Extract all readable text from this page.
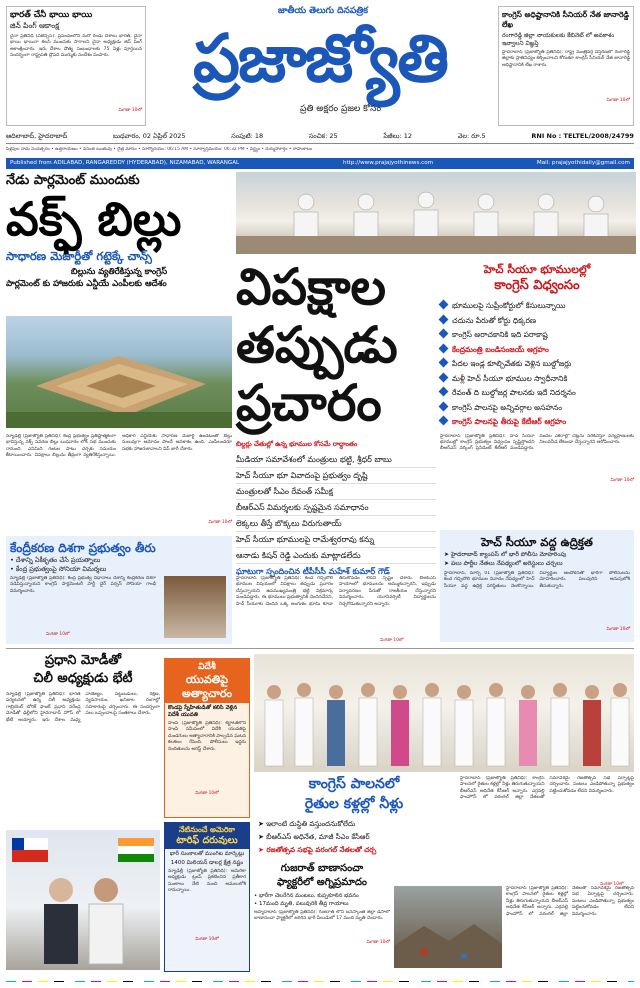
భారత్ చేనీ భాయి భాయి
జిన్ పింగ్ ఆకాంక్ష
చైనా ప్రతినిధి (ఏజెన్సీస్): ప్రపంచంలోని మరో రెండు దేశాలు భారత్, చైనా భాయి భాయిగా కలసి ముందుకు సాగాలని చైనా అధ్యక్షుడు జిన్ పింగ్ ఆకాంక్షించారు. ఇరు దేశాల దౌత్య సంబంధాలకు 75 ఏళ్లు పూర్తయిన సందర్భంగా రాష్ట్రపతి ద్రౌపది ముర్ముకు సందేశం పంపారు.
మిగతా 10లో
జాతీయ తెలుగు దినపత్రిక
ప్రజాజ్యోతి
ప్రతి అక్షరం ప్రజల కోసం
కాంగ్రెస్ అధిష్టానానికి సీనియర్ నేత జానారెడ్డి లేఖ
రంగారెడ్డి జిల్లా నాయకులకు కేబినెట్ లో అవకాశం ఇవ్వాలని విజ్ఞప్తి
హైదరాబాద్ (ప్రజాజ్యోతి ప్రతినిధి): రాష్ట్ర మంత్రివర్గ విస్తరణలో రంగారెడ్డి జిల్లాకు ప్రాతినిధ్యం కల్పించాలని కోరుతూ కాంగ్రెస్ సీనియర్ నేత జానారెడ్డి అధిష్టానానికి లేఖ రాశారు.
మిగతా 10లో
ఆదిలాబాద్, హైదరాబాద్	బుధవారం, 02 ఏప్రిల్ 2025	సంపుటి: 18	సంచిక: 25	పేజీలు: 12	వెల: రూ.5	RNI No : TELTEL/2008/24799
పెళ్లపుల నామ సంవత్సరం • ఉత్తరాయణం • వసంత ఋతువు • చైత్ర మాసం • సూర్యోదయం: 06:15 AM • సూర్యాస్తమయం: 06:32 PM • వర్జ్యం • దుర్ముహూర్తం • రాహుకాలం
Published from ADILABAD, RANGAREDDY (HYDERABAD), NIZAMABAD, WARANGAL	http://www.prajajyothinews.com	Mail: prajajyothidaily@gmail.com
నేడు పార్లమెంట్ ముందుకు
వక్ఫ్ బిల్లు
సాధారణ మెజార్టీతో గట్టెక్కే చాన్స్
బిల్లును వ్యతిరేకిస్తున్న కాంగ్రెస్
పార్లమెంట్ కు హాజరుకు ఎన్డీయే ఎంపీలకు ఆదేశం
న్యూఢిల్లీ (ప్రజాజ్యోతి ప్రతినిధి): కేంద్ర ప్రభుత్వం ప్రతిష్టాత్మకంగా భావిస్తున్న వక్ఫ్ సవరణ బిల్లు బుధవారం లోక్ సభ ముందుకు రానుంది. ఎనిమిది గంటల పాటు చర్చకు సమయం కేటాయించారు. విపక్షాలు బిల్లును తీవ్రంగా వ్యతిరేకిస్తున్నాయి. అధికార ఎన్డీయేకు సాధారణ మెజార్టీ ఉండటంతో బిల్లు సులువుగా ఆమోదం పొందే అవకాశం ఉంది. ఎంపీలందరూ సభకు హాజరుకావాలని విప్ జారీ చేశారు.
మిగతా 10లో
కేంద్రీకరణ దిశగా ప్రభుత్వం తీరు
• దేశాన్ని ఏకీకృతం చేసే ప్రయత్నాలు
• కేంద్ర ప్రభుత్వంపై సోనియా విమర్శలు
న్యూఢిల్లీ (ప్రజాజ్యోతి ప్రతినిధి): కేంద్ర ప్రభుత్వ విధానాలు దేశాన్ని కేంద్రీకరణ దిశగా నడిపిస్తున్నాయని కాంగ్రెస్ పార్లమెంటరీ పార్టీ చైర్ పర్సన్ సోనియా గాంధీ విమర్శించారు.
మిగతా 10లో
విపక్షాల
తప్పుడు
ప్రచారం
బిల్డర్లు చేతుల్లో ఉన్న భూముల కోసమే రాద్ధాంతం
మీడియా సమావేశంలో మంత్రులు భట్టి, శ్రీధర్ బాబు
హెచ్ సీయూ భూ వివాదంపై ప్రభుత్వం దృష్టి
మంత్రులతో సీఎం రేవంత్ సమీక్ష
బీఆర్ఎస్ విమర్శలకు స్పష్టమైన సమాధానం
లెక్కలు తీస్తే బొక్కలు విరుగుతాయ్
హెచ్ సీయూ భూములపై రామేశ్వరరావు కన్ను
ఆనాడు కిషన్ రెడ్డి ఎందుకు మాట్లాడలేదు
ఘాటుగా స్పందించిన టీపీసీసీ మహేశ్ కుమార్ గౌడ్
హైదరాబాద్ (ప్రజాజ్యోతి ప్రతినిధి): కంచ గచ్చిబౌలి భూముల విషయంలో విపక్షాలు తప్పుడు ప్రచారం చేస్తున్నాయని ఉపముఖ్యమంత్రి భట్టి విక్రమార్క మండిపడ్డారు. ఈ భూములు ప్రభుత్వానికి చెందినవేనని, హెచ్ సీయూకు చెందిన ఒక్క అంగుళం భూమి కూడా తీసుకోవడం లేదని స్పష్టం చేశారు. బీఆర్ఎస్ హయాంలో భూములను అమ్ముకున్నారని, ఇప్పుడు పర్యావరణం పేరుతో రాజకీయం చేస్తున్నారని విమర్శించారు. యూనివర్సిటీ విద్యార్థులను రెచ్చగొడుతున్నారని అన్నారు.
మిగతా 10లో
హెచ్ సీయూ భూములల్లో
కాంగ్రెస్ విధ్వంసం
భూములపై సుప్రీంకోర్టులో కేసులున్నాయి
చదును పేరుతో కోర్టు ధిక్కరణ
కాంగ్రెస్ అరాచకానికి ఇది పరాకాష్ట
కేంద్రమంత్రి బండిసంజయ్ ఆగ్రహం
పేదల ఇండ్ల కూల్చివేతకు వెళ్లిన బుల్డోజర్లు
మళ్లీ హెచ్ సీయూ భూముల స్వాధీనానికి
రేవంత్ ది బుల్డోజర్ల పాలనకు ఇదే నిదర్శనం
కాంగ్రెస్ పాలనపై అన్నివర్గాల అసహనం
కాంగ్రెస్ పాలనపై తీరుపై కేటీఆర్ ఆగ్రహం
హైదరాబాద్ (ప్రజాజ్యోతి ప్రతినిధి): హెచ్ సీయూ భూముల్లో కాంగ్రెస్ ప్రభుత్వం విధ్వంసం సృష్టిస్తోందని బీఆర్ఎస్ వర్కింగ్ ప్రెసిడెంట్ కేటీఆర్ మండిపడ్డారు. వందల ఎకరాల్లో చెట్లను నరికివేస్తూ వన్యప్రాణులకు నిలువనీడ లేకుండా చేస్తున్నారని ఆరోపించారు.
మిగతా 10లో
హెచ్ సీయూ వద్ద ఉద్రిక్తత
➤ హైదరాబాద్ క్యాంపస్ లో భారీ పోలీసు మోహరింపు
➤ పలు పార్టీల నేతలు నేపథ్యంలో అరెస్టులు చర్చలు
హైదరాబాద్, మార్చి 01 (ప్రజాజ్యోతి ప్రతినిధి): కంచ గచ్చిబౌలి భూముల వివాదం నేపథ్యంలో హెచ్ సీయూ వద్ద ఉద్రిక్త పరిస్థితులు నెలకొన్నాయి. విద్యార్థుల ఆందోళనతో భారీగా పోలీసులను మోహరించారు. పలువురిని అదుపులోకి తీసుకున్నారు.
మిగతా 10లో
ప్రధాని మోడీతో
చిలీ అధ్యక్షుడు భేటీ
న్యూఢిల్లీ (ప్రజాజ్యోతి ప్రతినిధి): భారత పర్యటనలో ఉన్న చిలీ అధ్యక్షుడు గాబ్రియెల్ బోరిక్ ఫాంట్ ప్రధాని నరేంద్ర మోడీతో ఢిల్లీలోని హైదరాబాద్ హౌస్ లో భేటీ అయ్యారు. ఇరు దేశాల మధ్య వాణిజ్యం, పెట్టుబడులు, రక్షణ, వ్యవసాయం, ఖనిజాల రంగాల్లో సహకారంపై చర్చించారు. ఈ సందర్భంగా పలు ఒప్పందాలపై సంతకాలు చేశారు.
విదేశీ
యువతిపై
అత్యాచారం
కొండపై స్నేహితుడితో కలిసి వెళ్లిన విదేశీ యువతి
హంపి (ప్రజాజ్యోతి ప్రతినిధి): కర్ణాటకలోని హంపి సమీపంలో విదేశీ యువతిపై దుండగులు అత్యాచారానికి పాల్పడిన ఘటన కలకలం రేపింది. పోలీసులు ఇద్దరు నిందితులను అరెస్ట్ చేశారు.
మిగతా 10లో
నేటినుంచే అమెరికా
టారిఫ్ దరువులు
భారీ సుంకాలతో ముంగిట మార్కెట్లు
1400 మిలియన్ డాలర్ల క్షేత్ర నష్టం
న్యూఢిల్లీ (ప్రజాజ్యోతి ప్రతినిధి): అమెరికా అధ్యక్షుడు ట్రంప్ ప్రకటించిన ప్రతీకార సుంకాలు నేటి నుంచి అమలులోకి రానున్నాయి.
మిగతా 10లో
కాంగ్రెస్ పాలనలో
రైతుల కళ్లల్లో నీళ్లు
➤ ఇలాంటి దుస్థితి వస్తుందనుకోలేదు
➤ బీఆర్ఎస్ అధినేత, మాజీ సీఎం కేసీఆర్
➤ రజతోత్సవ సభపై వరంగల్ నేతలతో చర్చ
హైదరాబాద్ (ప్రజాజ్యోతి ప్రతినిధి): కాంగ్రెస్ పాలనలో రైతుల కళ్లల్లో నీళ్లు తిరుగుతున్నాయని బీఆర్ఎస్ అధినేత కేసీఆర్ అన్నారు. ఎర్రవల్లి ఫాంహౌస్ లో వరంగల్ జిల్లా నేతలతో సమావేశమై రజతోత్సవ సభ ఏర్పాట్లపై చర్చించారు. పంటలు ఎండిపోతున్నా ప్రభుత్వం పట్టించుకోవడం లేదని విమర్శించారు.
మిగతా 10లో
గుజరాత్ బాణాసంచా
ఫ్యాక్టరీలో అగ్నిప్రమాదం
• భారీగా చెలరేగిన మంటలు, కుప్పకూలిన భవనం
• 17మంది మృతి, పలువురికి తీవ్ర గాయాలు
అహ్మదాబాద్ (ప్రజాజ్యోతి ప్రతినిధి): గుజరాత్ లోని బనస్కాంత జిల్లా డీసాలో బాణాసంచా ఫ్యాక్టరీలో జరిగిన భారీ పేలుడులో 17 మంది మృతి చెందారు.
మిగతా 10లో
హైదరాబాద్ (ప్రజాజ్యోతి ప్రతినిధి): కాంగ్రెస్ పాలనలో రైతుల కళ్లల్లో నీళ్లు తిరుగుతున్నాయని బీఆర్ఎస్ అధినేత కేసీఆర్ అన్నారు. ఎర్రవల్లి ఫాంహౌస్ లో వరంగల్ జిల్లా నేతలతో సమావేశమై రజతోత్సవ సభ ఏర్పాట్లపై చర్చించారు. పంటలు ఎండిపోతున్నా ప్రభుత్వం పట్టించుకోవడం లేదని విమర్శించారు.
